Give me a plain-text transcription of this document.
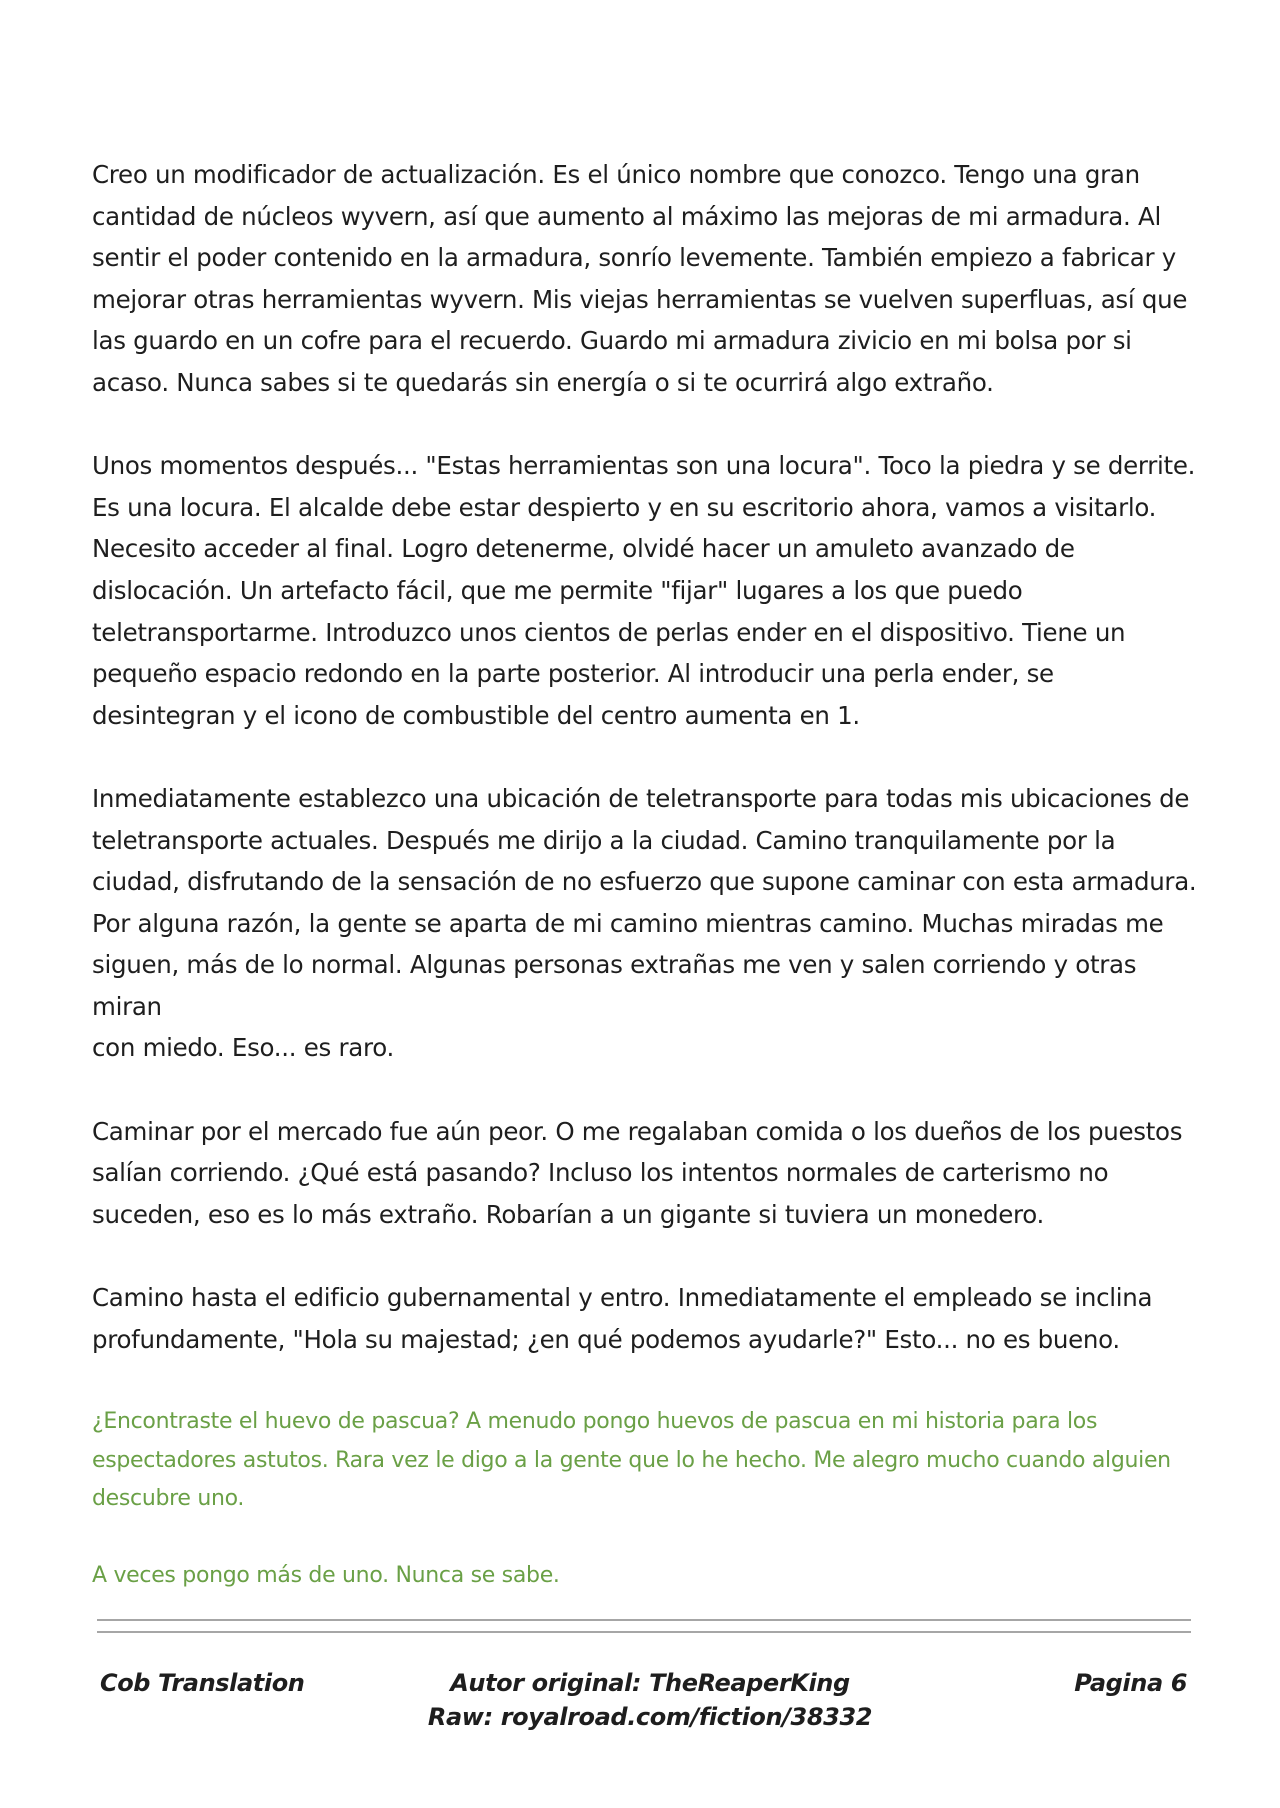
Creo un modificador de actualización. Es el único nombre que conozco. Tengo una gran
cantidad de núcleos wyvern, así que aumento al máximo las mejoras de mi armadura. Al
sentir el poder contenido en la armadura, sonrío levemente. También empiezo a fabricar y
mejorar otras herramientas wyvern. Mis viejas herramientas se vuelven superfluas, así que
las guardo en un cofre para el recuerdo. Guardo mi armadura zivicio en mi bolsa por si
acaso. Nunca sabes si te quedarás sin energía o si te ocurrirá algo extraño.

Unos momentos después... "Estas herramientas son una locura". Toco la piedra y se derrite.
Es una locura. El alcalde debe estar despierto y en su escritorio ahora, vamos a visitarlo.
Necesito acceder al final. Logro detenerme, olvidé hacer un amuleto avanzado de
dislocación. Un artefacto fácil, que me permite "fijar" lugares a los que puedo
teletransportarme. Introduzco unos cientos de perlas ender en el dispositivo. Tiene un
pequeño espacio redondo en la parte posterior. Al introducir una perla ender, se
desintegran y el icono de combustible del centro aumenta en 1.

Inmediatamente establezco una ubicación de teletransporte para todas mis ubicaciones de
teletransporte actuales. Después me dirijo a la ciudad. Camino tranquilamente por la
ciudad, disfrutando de la sensación de no esfuerzo que supone caminar con esta armadura.
Por alguna razón, la gente se aparta de mi camino mientras camino. Muchas miradas me
siguen, más de lo normal. Algunas personas extrañas me ven y salen corriendo y otras miran
con miedo. Eso... es raro.

Caminar por el mercado fue aún peor. O me regalaban comida o los dueños de los puestos
salían corriendo. ¿Qué está pasando? Incluso los intentos normales de carterismo no
suceden, eso es lo más extraño. Robarían a un gigante si tuviera un monedero.

Camino hasta el edificio gubernamental y entro. Inmediatamente el empleado se inclina
profundamente, "Hola su majestad; ¿en qué podemos ayudarle?" Esto... no es bueno.

¿Encontraste el huevo de pascua? A menudo pongo huevos de pascua en mi historia para los
espectadores astutos. Rara vez le digo a la gente que lo he hecho. Me alegro mucho cuando alguien
descubre uno.

A veces pongo más de uno. Nunca se sabe.

Cob Translation	Autor original: TheReaperKing
Raw: royalroad.com/fiction/38332
Pagina 6
